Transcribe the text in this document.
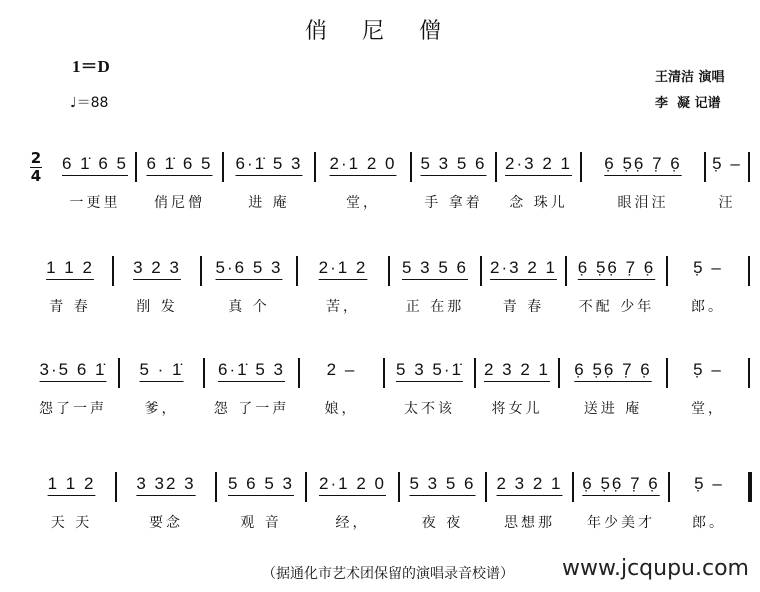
俏 尼 僧
1＝D
♩＝88
王清洁 演唱
李  凝 记谱
2
4
6 1̇ 6 5
一更里
6 1̇ 6 5
俏尼僧
6·1̇ 5 3
进 庵
2·1 2 0
堂，
5 3 5 6
手 拿着
2·3 2 1
念 珠儿
6̣ 5̣6̣ 7̣ 6̣
眼泪汪
5̣ –
汪
1 1 2
青 春
3 2 3
削 发
5·6 5 3
真 个
2·1 2
苦，
5 3 5 6
正 在那
2·3 2 1
青 春
6̣ 5̣6̣ 7̣ 6̣
不配 少年
5̣ –
郎。
3·5 6 1̇
怨了一声
5 · 1̇
爹，
6·1̇ 5 3
怨 了一声
2 –
娘，
5 3 5·1̇
太不该
2 3 2 1
将女儿
6̣ 5̣6̣ 7̣ 6̣
送进 庵
5̣ –
堂，
1 1 2
天 天
3 32 3
要念
5 6 5 3
观 音
2·1 2 0
经，
5 3 5 6
夜 夜
2 3 2 1
思想那
6̣ 5̣6̣ 7̣ 6̣
年少美才
5̣ –
郎。
（据通化市艺术团保留的演唱录音校谱） www.jcqupu.com
